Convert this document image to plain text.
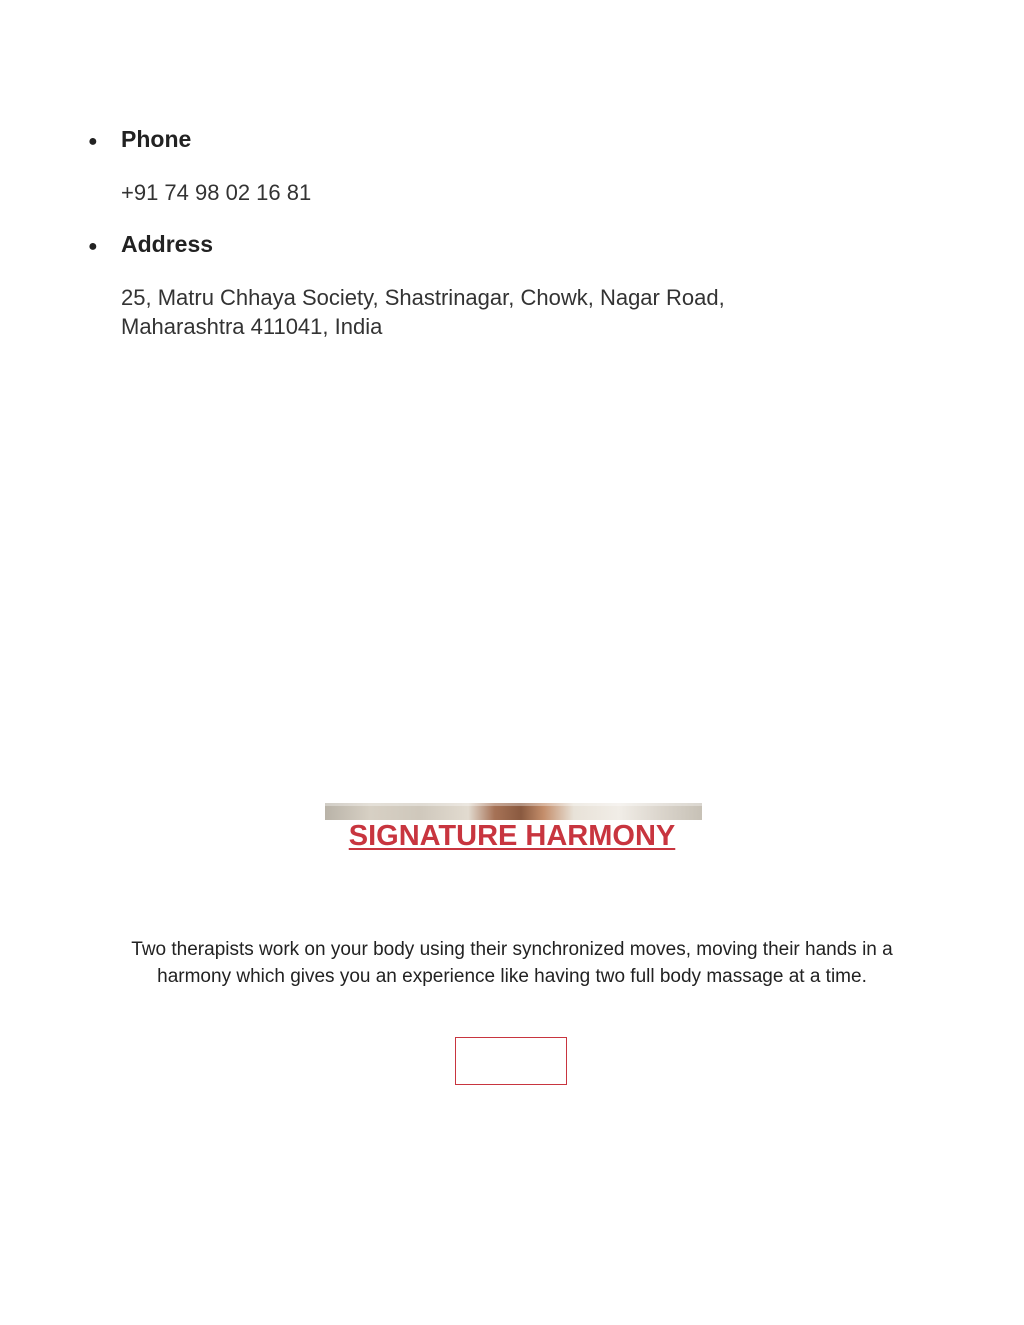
● Phone

+91 74 98 02 16 81

● Address

25, Matru Chhaya Society, Shastrinagar, Chowk, Nagar Road,

Maharashtra 411041, India

SIGNATURE HARMONY

Two therapists work on your body using their synchronized moves, moving their hands in a harmony which gives you an experience like having two full body massage at a time.
